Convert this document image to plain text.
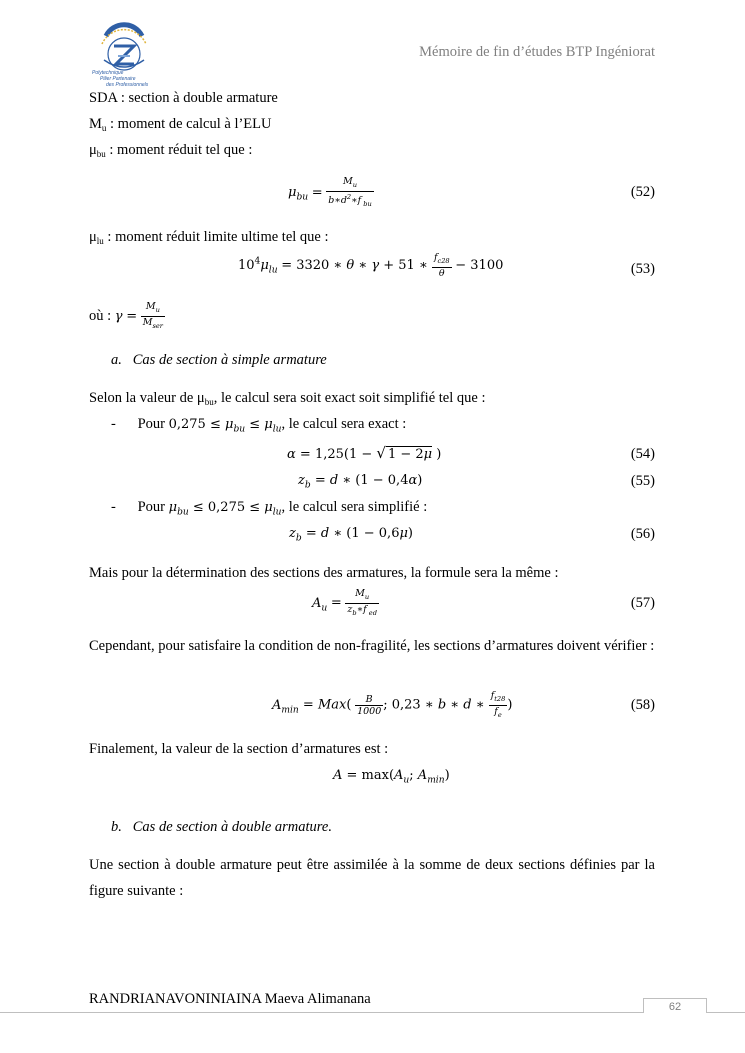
Polytechnique
Pilier Partenaire
des Professionnels
Mémoire de fin d’études BTP Ingéniorat
SDA : section à double armature
$M_u$ : moment de calcul à l’ELU
$\mu_{bu}$ : moment réduit tel que :
$\mu_{bu} = \frac{M_u}{b∗d^2∗f _{bu}}$	(52)
$\mu_{lu}$ : moment réduit limite ultime tel que :
$10^4\mu_{lu} = 3320$ ∗ θ ∗ γ + 51 ∗ $\frac{f_{c28}}{\theta} - 3100$	(53)
où : $\gamma = \frac{M_u}{M_{ser}}$
a.   Cas de section à simple armature
Selon la valeur de $\mu_{bu}$, le calcul sera soit exact soit simplifié tel que :
-      Pour $0,275 \le \mu_{bu} \le \mu_{lu}$, le calcul sera exact :
α = 1,25(1 − √ 1 − 2μ )	(54)
$z_b = d$ ∗ (1 − 0,4α)	(55)
-      Pour $\mu_{bu} \le 0,275 \le \mu_{lu}$, le calcul sera simplifié :
$z_b = d$ ∗ (1 − 0,6μ)	(56)
Mais pour la détermination des sections des armatures, la formule sera la même :
$A_u = \frac{M_u}{z_b∗f _{ed}}$	(57)
Cependant, pour satisfaire la condition de non-fragilité, les sections d’armatures doivent vérifier :
$A_{min} = Max( \frac{B}{1000}$ ; 0,23 ∗ b ∗ d ∗ $\frac{f_{t28}}{f_e}$ )	(58)
Finalement, la valeur de la section d’armatures est :
$A = \max(A_u$; $A_{min}$)
b.   Cas de section à double armature.
Une section à double armature peut être assimilée à la somme de deux sections définies par la figure suivante :
RANDRIANAVONINIAINA Maeva Alimanana	62
